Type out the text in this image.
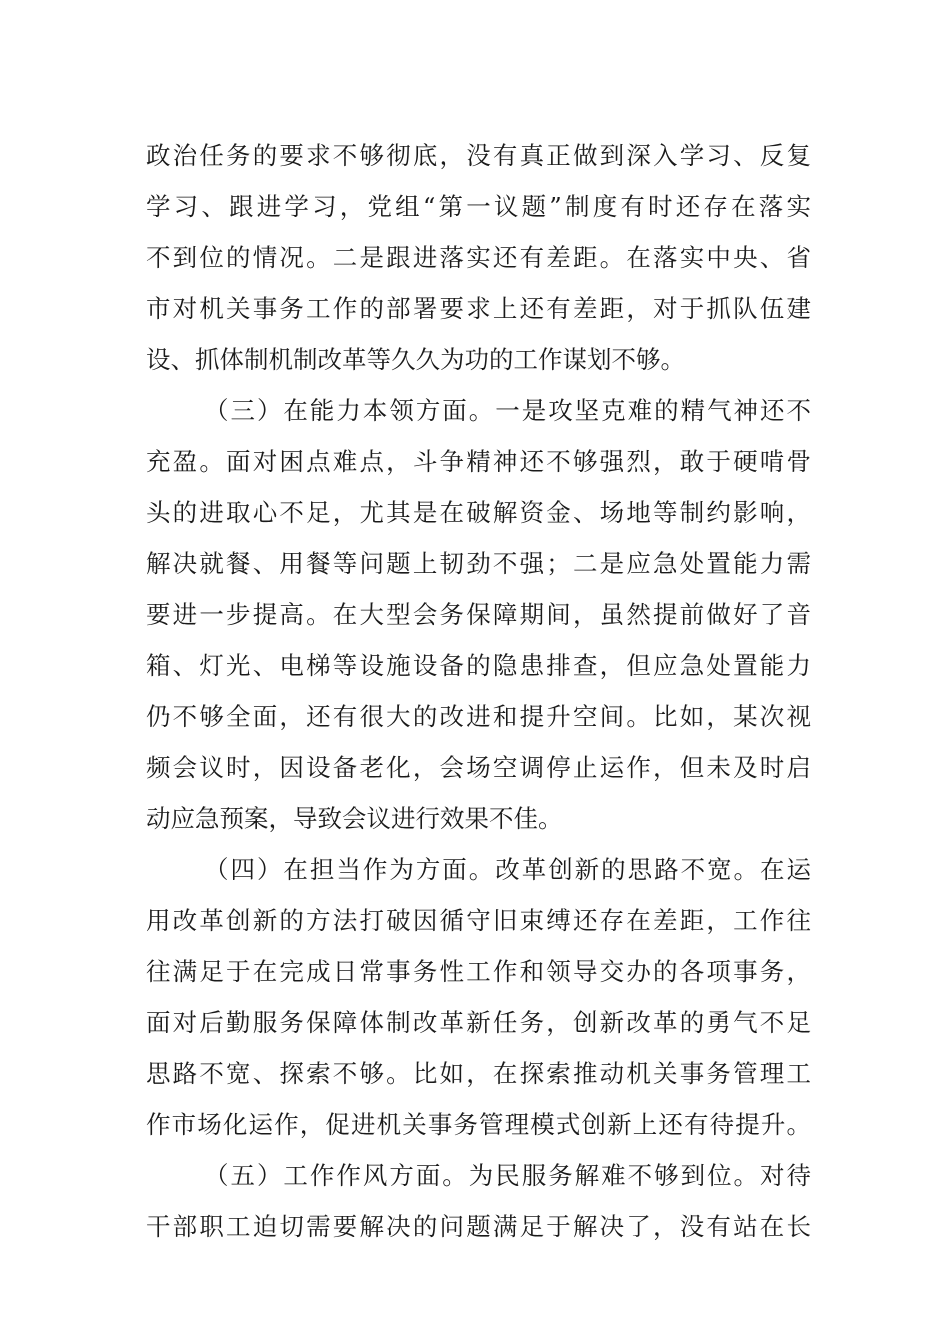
政治任务的要求不够彻底，没有真正做到深入学习、反复
学习、跟进学习，党组“第一议题”制度有时还存在落实
不到位的情况。二是跟进落实还有差距。在落实中央、省
市对机关事务工作的部署要求上还有差距，对于抓队伍建
设、抓体制机制改革等久久为功的工作谋划不够。
（三）在能力本领方面。一是攻坚克难的精气神还不
充盈。面对困点难点，斗争精神还不够强烈，敢于硬啃骨
头的进取心不足，尤其是在破解资金、场地等制约影响，
解决就餐、用餐等问题上韧劲不强；二是应急处置能力需
要进一步提高。在大型会务保障期间，虽然提前做好了音
箱、灯光、电梯等设施设备的隐患排查，但应急处置能力
仍不够全面，还有很大的改进和提升空间。比如，某次视
频会议时，因设备老化，会场空调停止运作，但未及时启
动应急预案，导致会议进行效果不佳。
（四）在担当作为方面。改革创新的思路不宽。在运
用改革创新的方法打破因循守旧束缚还存在差距，工作往
往满足于在完成日常事务性工作和领导交办的各项事务，
面对后勤服务保障体制改革新任务，创新改革的勇气不足
思路不宽、探索不够。比如，在探索推动机关事务管理工
作市场化运作，促进机关事务管理模式创新上还有待提升。
（五）工作作风方面。为民服务解难不够到位。对待
干部职工迫切需要解决的问题满足于解决了，没有站在长
